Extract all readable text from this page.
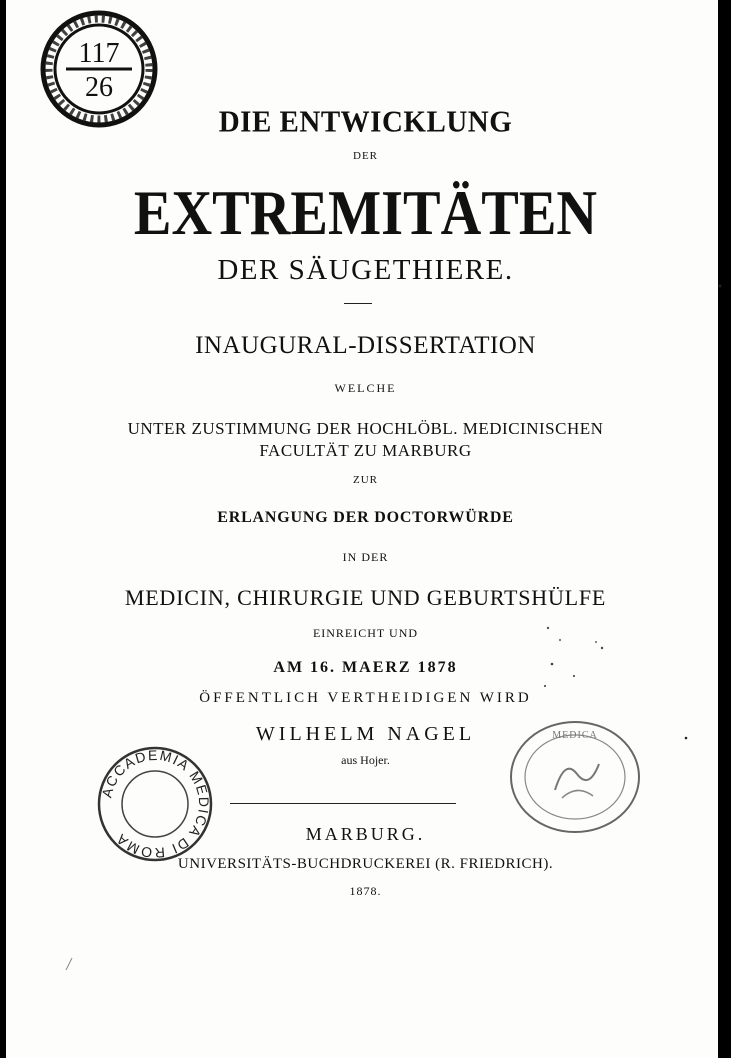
DIE ENTWICKLUNG
DER
EXTREMITÄTEN
DER SÄUGETHIERE.
INAUGURAL-DISSERTATION
WELCHE
UNTER ZUSTIMMUNG DER HOCHLÖBL. MEDICINISCHEN
FACULTÄT ZU MARBURG
ZUR
ERLANGUNG DER DOCTORWÜRDE
IN DER
MEDICIN, CHIRURGIE UND GEBURTSHÜLFE
EINREICHT UND
AM 16. MAERZ 1878
ÖFFENTLICH VERTHEIDIGEN WIRD
WILHELM NAGEL
aus Hojer.
MARBURG.
UNIVERSITÄTS-BUCHDRUCKEREI (R. FRIEDRICH).
1878.
117
26
ACCADEMIA MEDICA DI ROMA
MEDICA
